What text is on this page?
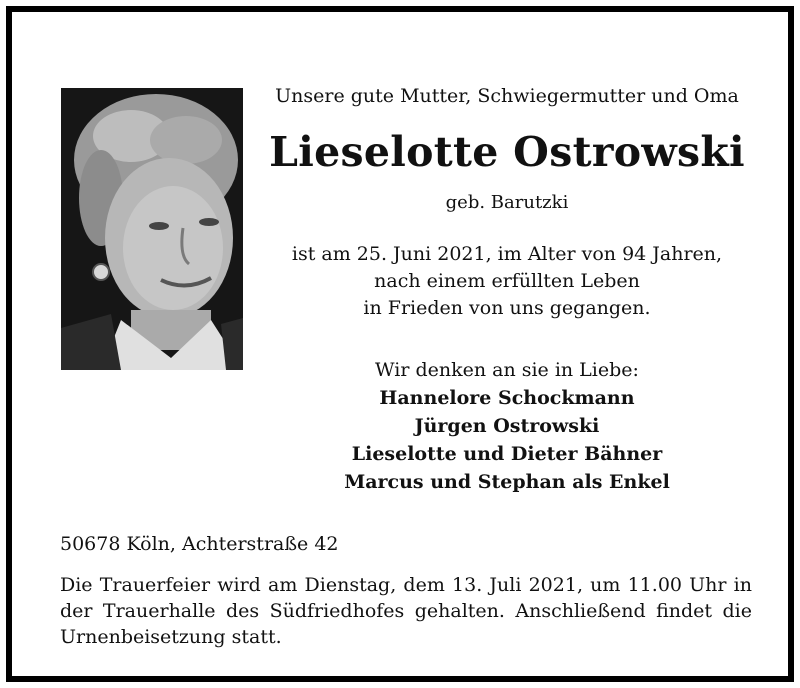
Unsere gute Mutter, Schwiegermutter und Oma
Lieselotte Ostrowski
geb. Barutzki
ist am 25. Juni 2021, im Alter von 94 Jahren,
nach einem erfüllten Leben
in Frieden von uns gegangen.
Wir denken an sie in Liebe:
Hannelore Schockmann
Jürgen Ostrowski
Lieselotte und Dieter Bähner
Marcus und Stephan als Enkel
50678 Köln, Achterstraße 42
Die Trauerfeier wird am Dienstag, dem 13. Juli 2021, um 11.00 Uhr in der Trauerhalle des Südfriedhofes gehalten. Anschließend findet die Urnenbeisetzung statt.
